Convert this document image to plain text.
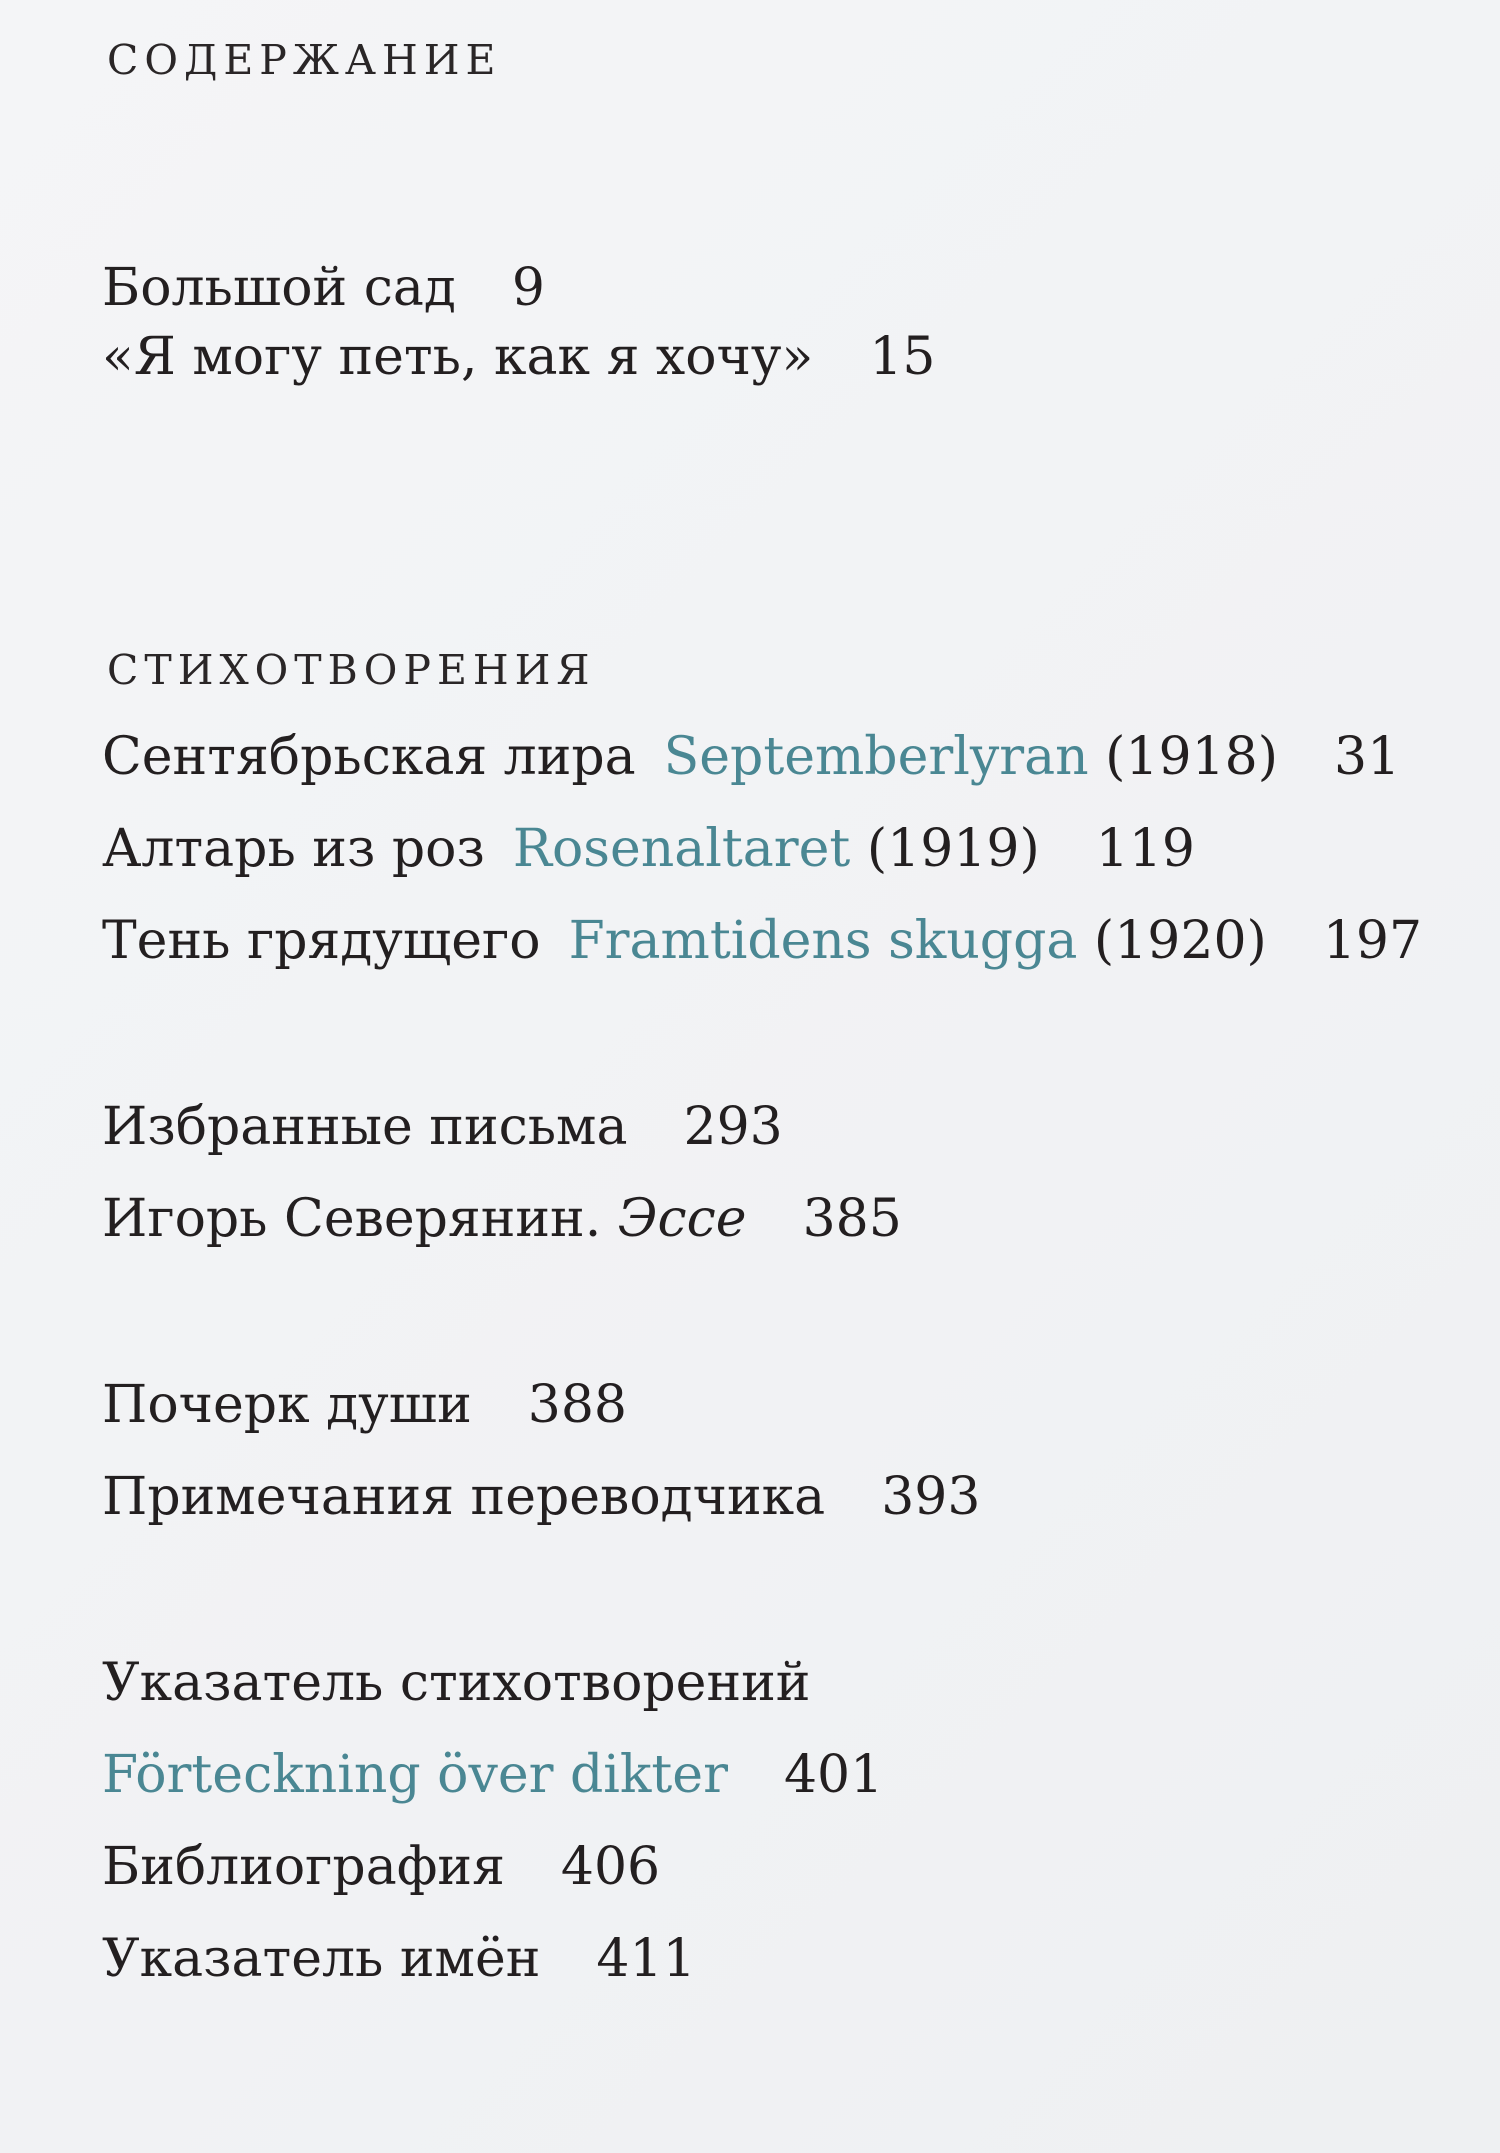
СОДЕРЖАНИЕ
Большой сад 9
«Я могу петь, как я хочу» 15
СТИХОТВОРЕНИЯ
Сентябрьская лира Septemberlyran (1918) 31
Алтарь из роз Rosenaltaret (1919) 119
Тень грядущего Framtidens skugga (1920) 197
Избранные письма 293
Игорь Северянин. Эссе 385
Почерк души 388
Примечания переводчика 393
Указатель стихотворений
Förteckning över dikter 401
Библиография 406
Указатель имён 411
